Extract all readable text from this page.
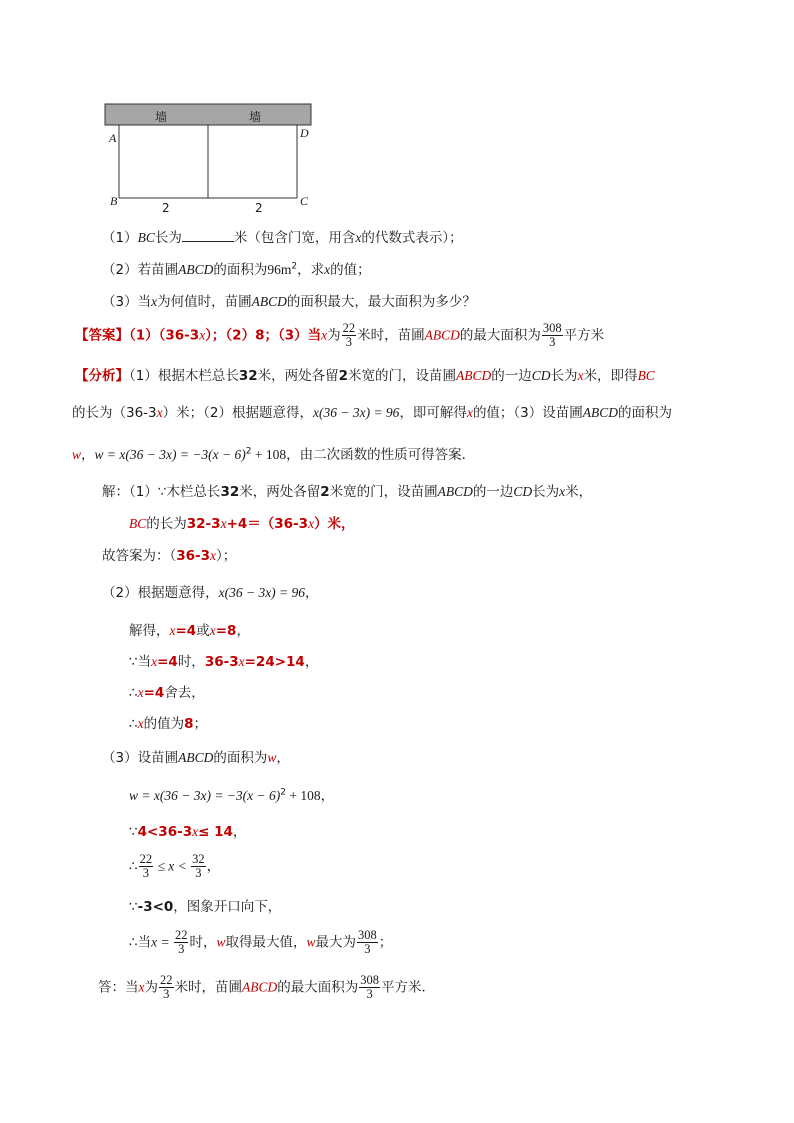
墙	墙
A
B	C
D
2	2
（1）BC长为	米（包含门宽，用含x的代数式表示）；
（2）若苗圃ABCD的面积为$96m^2$，求x的值；
（3）当x为何值时，苗圃ABCD的面积最大，最大面积为多少？
【答案】（1）（36-3x）；（2）8；（3）当x为 $\frac{22}{3}$ 米时，苗圃ABCD的最大面积为 $\frac{308}{3}$ 平方米
【分析】（1）根据木栏总长32米，两处各留2米宽的门，设苗圃ABCD的一边CD长为x米，即得BC
的长为（36-3x）米；（2）根据题意得，x(36 − 3x) = 96，即可解得x的值；（3）设苗圃ABCD的面积为
w，$w = x(36 - 3x) = -3(x - 6)^2 + 108$，由二次函数的性质可得答案．
解：（1）∵木栏总长32米，两处各留2米宽的门，设苗圃ABCD的一边CD长为x米，
BC的长为32-3x+4＝（36-3x）米，
故答案为：（36-3x）；
（2）根据题意得，x(36 − 3x) = 96，
解得，x=4或x=8，
∵当x=4时，36-3x=24>14，
∴x=4舍去，
∴x的值为8；
（3）设苗圃ABCD的面积为w，
$w = x(36 - 3x) = -3(x - 6)^2 + 108$，
∵4<36-3x≤ 14，
∴ $\frac{22}{3} \le x < \frac{32}{3}$ ，
∵-3<0，图象开口向下，
∴当$x = \frac{22}{3}$ 时，w取得最大值，w最大为 $\frac{308}{3}$ ；
答：当x为 $\frac{22}{3}$ 米时，苗圃ABCD的最大面积为 $\frac{308}{3}$ 平方米．
